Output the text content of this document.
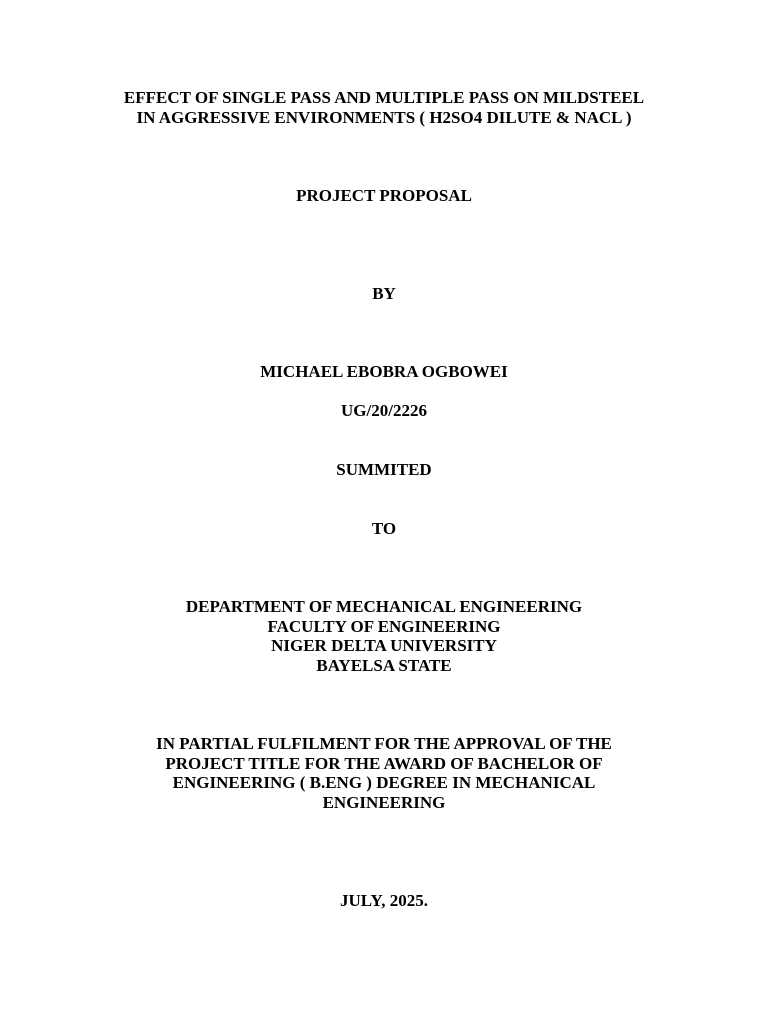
EFFECT OF SINGLE PASS AND MULTIPLE PASS ON MILDSTEEL
IN AGGRESSIVE ENVIRONMENTS ( H2SO4 DILUTE & NACL )
PROJECT PROPOSAL
BY
MICHAEL EBOBRA OGBOWEI
UG/20/2226
SUMMITED
TO
DEPARTMENT OF MECHANICAL ENGINEERING
FACULTY OF ENGINEERING
NIGER DELTA UNIVERSITY
BAYELSA STATE
IN PARTIAL FULFILMENT FOR THE APPROVAL OF THE
PROJECT TITLE FOR THE AWARD OF BACHELOR OF
ENGINEERING ( B.ENG ) DEGREE IN MECHANICAL
ENGINEERING
JULY, 2025.
